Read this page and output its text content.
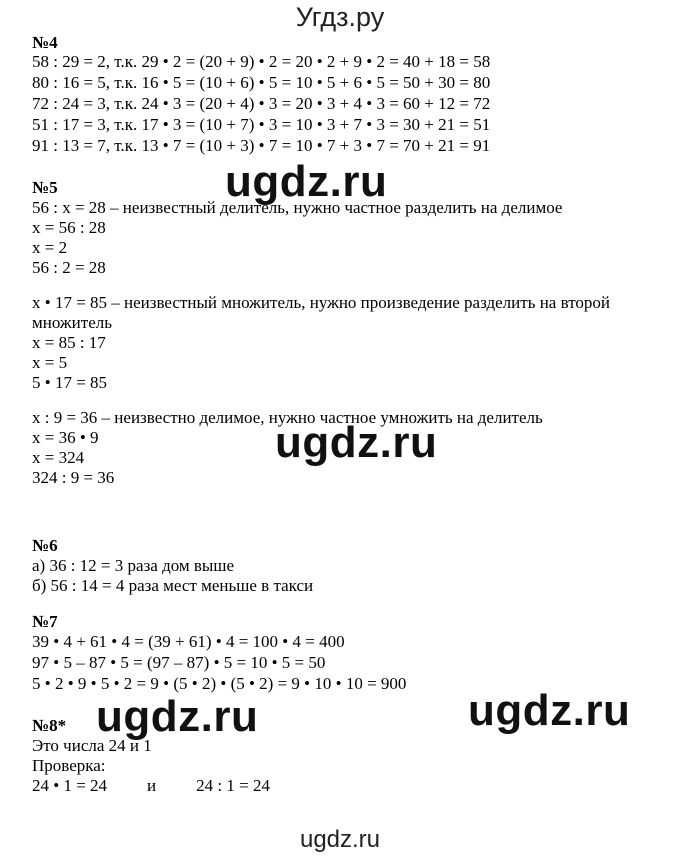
Угдз.ру
№4
58 : 29 = 2, т.к. 29 • 2 = (20 + 9) • 2 = 20 • 2 + 9 • 2 = 40 + 18 = 58
80 : 16 = 5, т.к. 16 • 5 = (10 + 6) • 5 = 10 • 5 + 6 • 5 = 50 + 30 = 80
72 : 24 = 3, т.к. 24 • 3 = (20 + 4) • 3 = 20 • 3 + 4 • 3 = 60 + 12 = 72
51 : 17 = 3, т.к. 17 • 3 = (10 + 7) • 3 = 10 • 3 + 7 • 3 = 30 + 21 = 51
91 : 13 = 7, т.к. 13 • 7 = (10 + 3) • 7 = 10 • 7 + 3 • 7 = 70 + 21 = 91
№5
56 : x = 28 – неизвестный делитель, нужно частное разделить на делимое
x = 56 : 28
x = 2
56 : 2 = 28
x • 17 = 85 – неизвестный множитель, нужно произведение разделить на второй
множитель
x = 85 : 17
x = 5
5 • 17 = 85
x : 9 = 36 – неизвестно делимое, нужно частное умножить на делитель
x = 36 • 9
x = 324
324 : 9 = 36
№6
а) 36 : 12 = 3 раза дом выше
б) 56 : 14 = 4 раза мест меньше в такси
№7
39 • 4 + 61 • 4 = (39 + 61) • 4 = 100 • 4 = 400
97 • 5 – 87 • 5 = (97 – 87) • 5 = 10 • 5 = 50
5 • 2 • 9 • 5 • 2 = 9 • (5 • 2) • (5 • 2) = 9 • 10 • 10 = 900
№8*
Это числа 24 и 1
Проверка:
24 • 1 = 24 и 24 : 1 = 24
ugdz.ru
ugdz.ru
ugdz.ru
ugdz.ru
ugdz.ru
